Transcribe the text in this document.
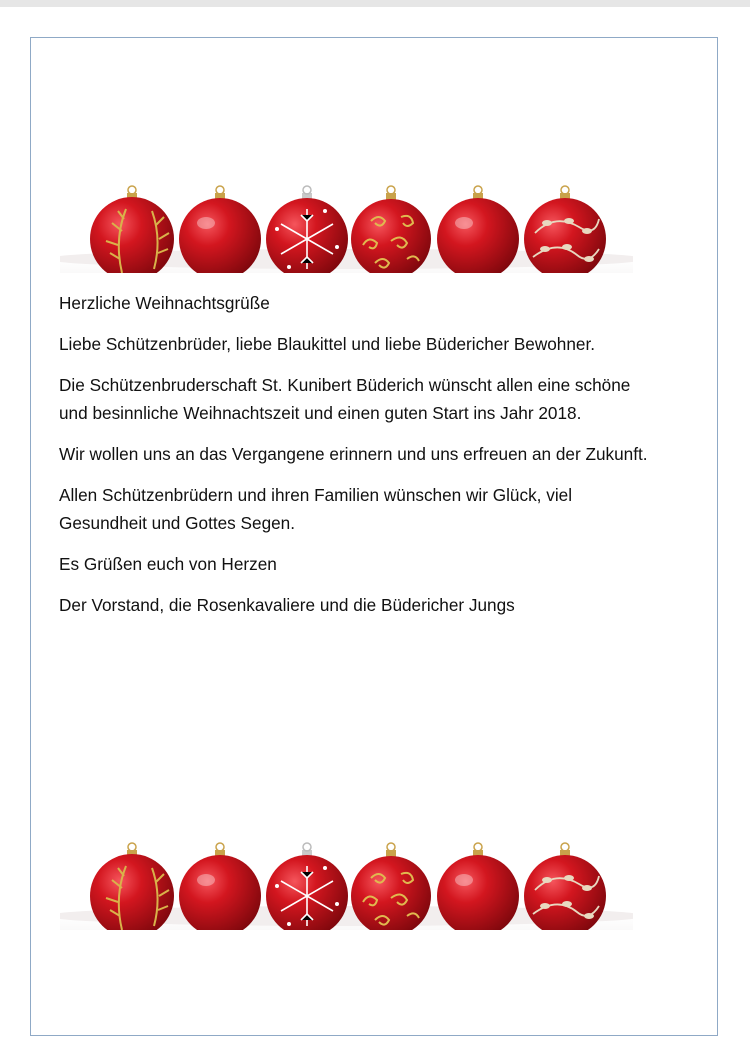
Herzliche Weihnachtsgrüße

Liebe Schützenbrüder, liebe Blaukittel und liebe Büdericher Bewohner.

Die Schützenbruderschaft St. Kunibert Büderich wünscht allen eine schöne und besinnliche Weihnachtszeit und einen guten Start ins Jahr 2018.

Wir wollen uns an das Vergangene erinnern und uns erfreuen an der Zukunft.

Allen Schützenbrüdern und ihren Familien wünschen wir Glück, viel Gesundheit und Gottes Segen.

Es Grüßen euch von Herzen

Der Vorstand, die Rosenkavaliere und die Büdericher Jungs
